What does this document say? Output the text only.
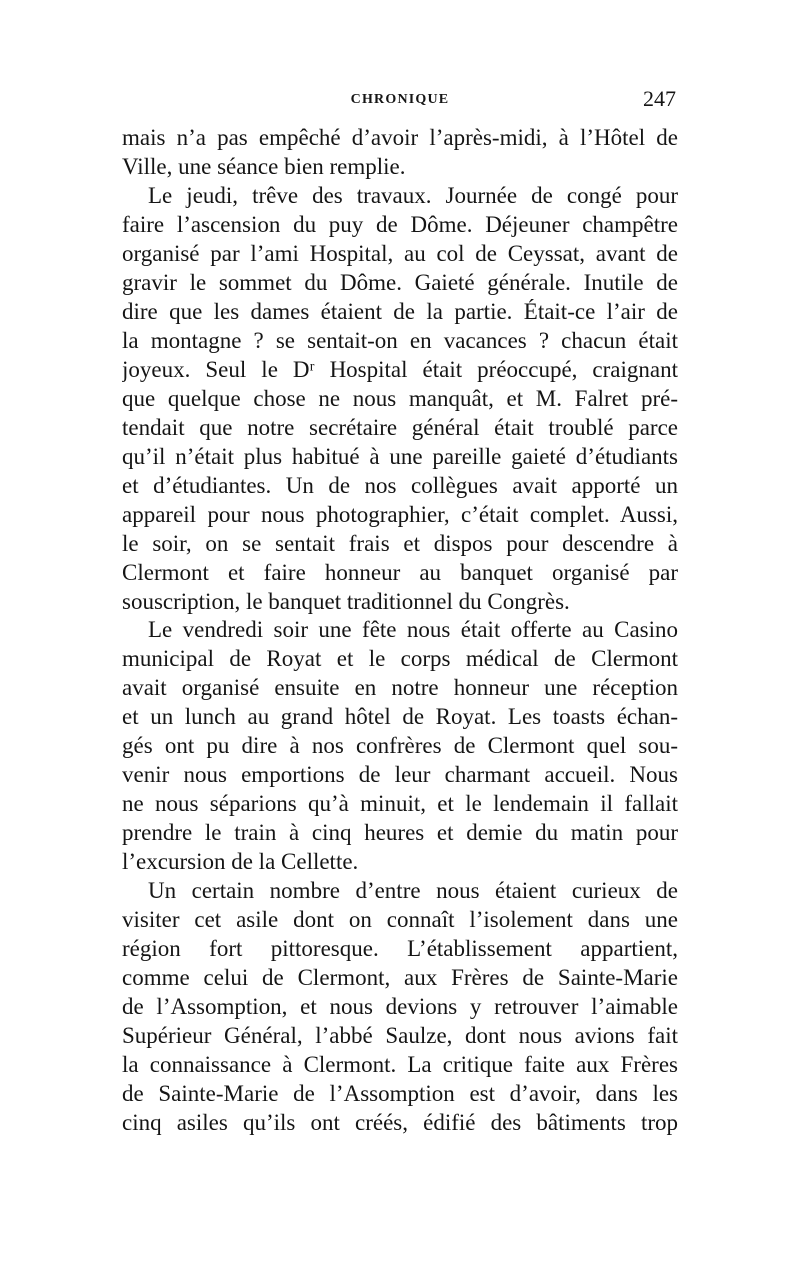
CHRONIQUE	247
mais n’a pas empêché d’avoir l’après-midi, à l’Hôtel de
Ville, une séance bien remplie.
Le jeudi, trêve des travaux. Journée de congé pour
faire l’ascension du puy de Dôme. Déjeuner champêtre
organisé par l’ami Hospital, au col de Ceyssat, avant de
gravir le sommet du Dôme. Gaieté générale. Inutile de
dire que les dames étaient de la partie. Était-ce l’air de
la montagne ? se sentait-on en vacances ? chacun était
joyeux. Seul le Dʳ Hospital était préoccupé, craignant
que quelque chose ne nous manquât, et M. Falret pré-
tendait que notre secrétaire général était troublé parce
qu’il n’était plus habitué à une pareille gaieté d’étudiants
et d’étudiantes. Un de nos collègues avait apporté un
appareil pour nous photographier, c’était complet. Aussi,
le soir, on se sentait frais et dispos pour descendre à
Clermont et faire honneur au banquet organisé par
souscription, le banquet traditionnel du Congrès.
Le vendredi soir une fête nous était offerte au Casino
municipal de Royat et le corps médical de Clermont
avait organisé ensuite en notre honneur une réception
et un lunch au grand hôtel de Royat. Les toasts échan-
gés ont pu dire à nos confrères de Clermont quel sou-
venir nous emportions de leur charmant accueil. Nous
ne nous séparions qu’à minuit, et le lendemain il fallait
prendre le train à cinq heures et demie du matin pour
l’excursion de la Cellette.
Un certain nombre d’entre nous étaient curieux de
visiter cet asile dont on connaît l’isolement dans une
région fort pittoresque. L’établissement appartient,
comme celui de Clermont, aux Frères de Sainte-Marie
de l’Assomption, et nous devions y retrouver l’aimable
Supérieur Général, l’abbé Saulze, dont nous avions fait
la connaissance à Clermont. La critique faite aux Frères
de Sainte-Marie de l’Assomption est d’avoir, dans les
cinq asiles qu’ils ont créés, édifié des bâtiments trop
